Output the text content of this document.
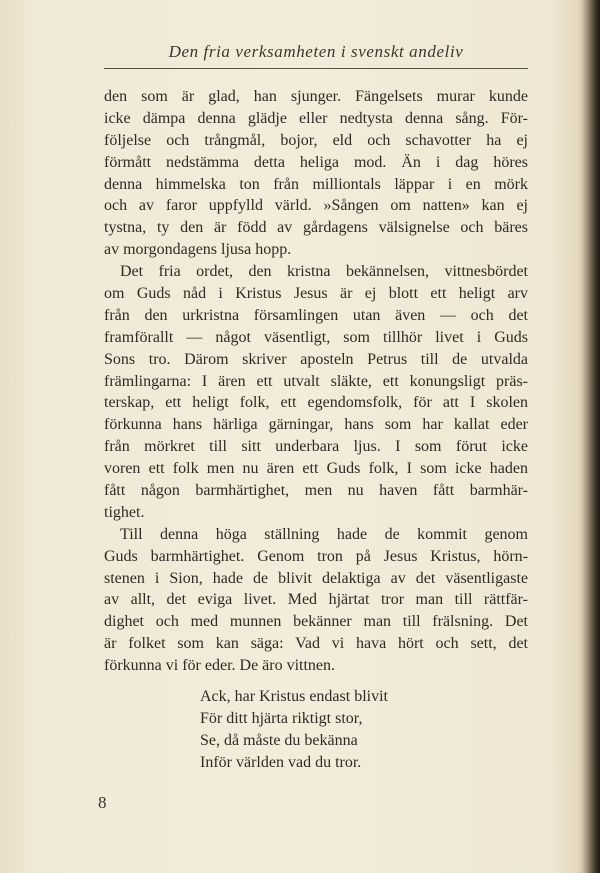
Den fria verksamheten i svenskt andeliv
den som är glad, han sjunger. Fängelsets murar kunde
icke dämpa denna glädje eller nedtysta denna sång. För-
följelse och trångmål, bojor, eld och schavotter ha ej
förmått nedstämma detta heliga mod. Än i dag höres
denna himmelska ton från milliontals läppar i en mörk
och av faror uppfylld värld. »Sången om natten» kan ej
tystna, ty den är född av gårdagens välsignelse och bäres
av morgondagens ljusa hopp.
Det fria ordet, den kristna bekännelsen, vittnesbördet
om Guds nåd i Kristus Jesus är ej blott ett heligt arv
från den urkristna församlingen utan även — och det
framförallt — något väsentligt, som tillhör livet i Guds
Sons tro. Därom skriver aposteln Petrus till de utvalda
främlingarna: I ären ett utvalt släkte, ett konungsligt präs-
terskap, ett heligt folk, ett egendomsfolk, för att I skolen
förkunna hans härliga gärningar, hans som har kallat eder
från mörkret till sitt underbara ljus. I som förut icke
voren ett folk men nu ären ett Guds folk, I som icke haden
fått någon barmhärtighet, men nu haven fått barmhär-
tighet.
Till denna höga ställning hade de kommit genom
Guds barmhärtighet. Genom tron på Jesus Kristus, hörn-
stenen i Sion, hade de blivit delaktiga av det väsentligaste
av allt, det eviga livet. Med hjärtat tror man till rättfär-
dighet och med munnen bekänner man till frälsning. Det
är folket som kan säga: Vad vi hava hört och sett, det
förkunna vi för eder. De äro vittnen.
Ack, har Kristus endast blivit
För ditt hjärta riktigt stor,
Se, då måste du bekänna
Inför världen vad du tror.
8
